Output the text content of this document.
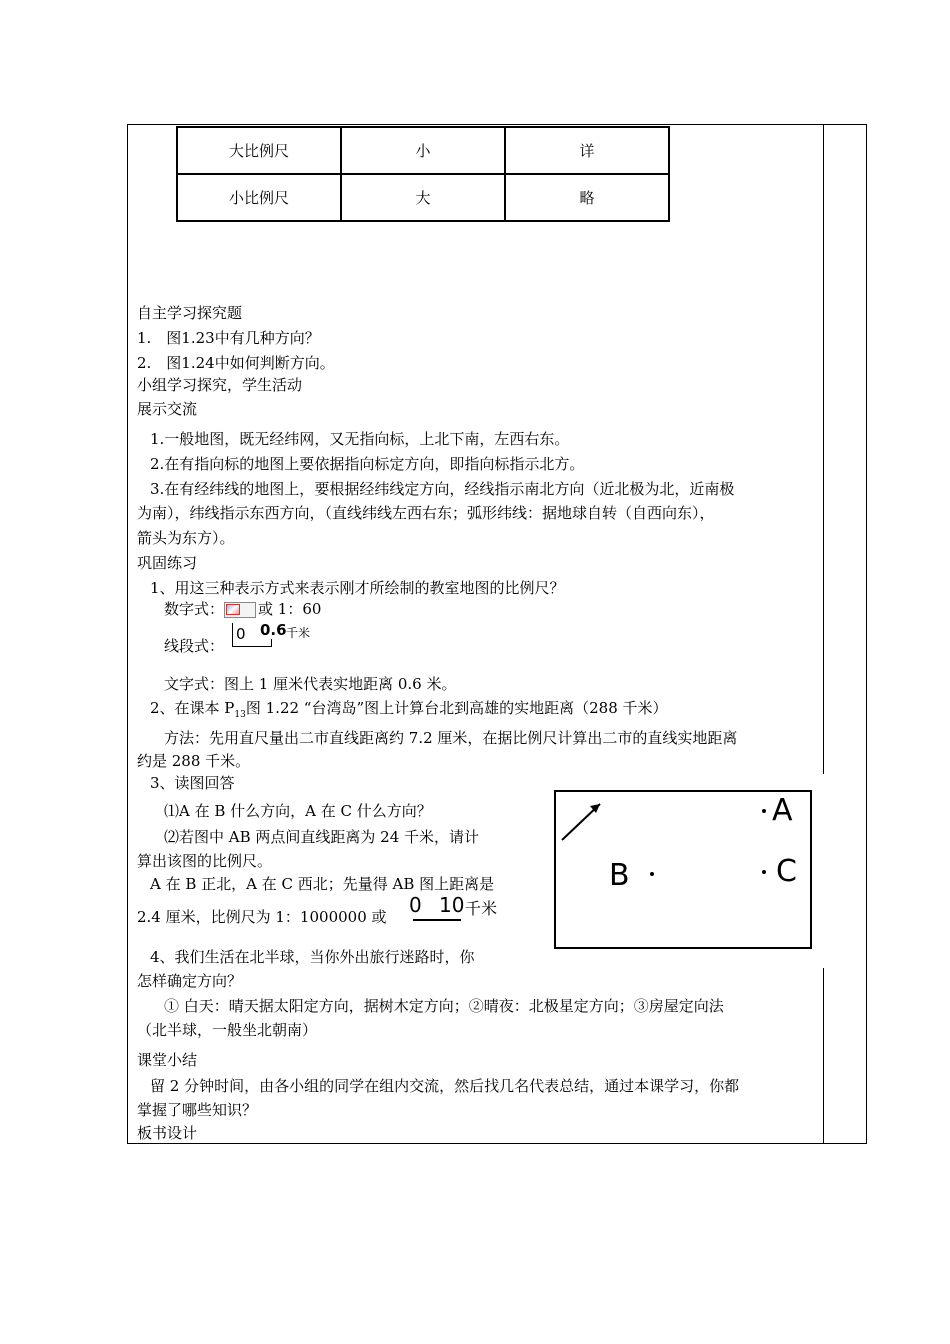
大比例尺	小	详
小比例尺	大	略
自主学习探究题
1.　图1.23中有几种方向？
2.　图1.24中如何判断方向。
小组学习探究，学生活动
展示交流
1.一般地图，既无经纬网，又无指向标，上北下南，左西右东。
2.在有指向标的地图上要依据指向标定方向，即指向标指示北方。
3.在有经纬线的地图上，要根据经纬线定方向，经线指示南北方向（近北极为北，近南极
为南），纬线指示东西方向，（直线纬线左西右东；弧形纬线：据地球自转（自西向东），
箭头为东方）。
巩固练习
1、用这三种表示方式来表示刚才所绘制的教室地图的比例尺？
数字式： 或 1：60
线段式：
0 0.6 千米
文字式：图上 1 厘米代表实地距离 0.6 米。
2、在课本 $P_{13}$图 1.22 “台湾岛”图上计算台北到高雄的实地距离（288 千米）
方法：先用直尺量出二市直线距离约 7.2 厘米，在据比例尺计算出二市的直线实地距离
约是 288 千米。
3、读图回答
⑴A 在 B 什么方向，A 在 C 什么方向？
⑵若图中 AB 两点间直线距离为 24 千米，请计
算出该图的比例尺。
A 在 B 正北，A 在 C 西北；先量得 AB 图上距离是
2.4 厘米，比例尺为 1：1000000 或 0 10 千米
A
B	C
4、我们生活在北半球，当你外出旅行迷路时，你
怎样确定方向？
① 白天：晴天据太阳定方向，据树木定方向；②晴夜：北极星定方向；③房屋定向法
（北半球，一般坐北朝南）
课堂小结
留 2 分钟时间，由各小组的同学在组内交流，然后找几名代表总结，通过本课学习，你都
掌握了哪些知识？
板书设计
